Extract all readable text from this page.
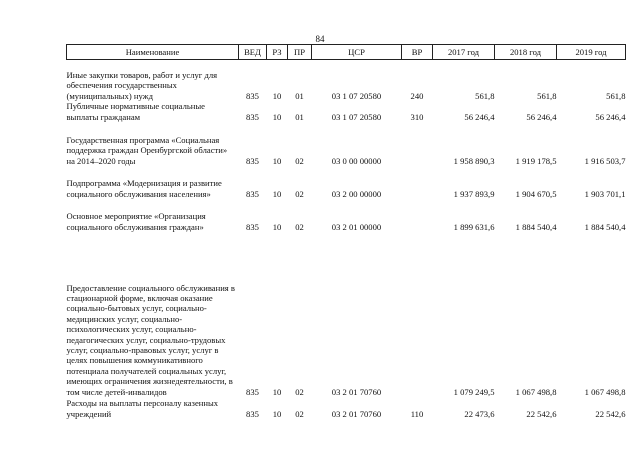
84
Наименование	ВЕД	РЗ	ПР	ЦСР	ВР	2017 год	2018 год	2019 год
Иные закупки товаров, работ и услуг для обеспечения государственных (муниципальных) нужд	835	10	01	03 1 07 20580	240	561,8	561,8	561,8
Публичные нормативные социальные выплаты гражданам	835	10	01	03 1 07 20580	310	56 246,4	56 246,4	56 246,4
Государственная программа «Социальная поддержка граждан Оренбургской области» на 2014–2020 годы	835	10	02	03 0 00 00000		1 958 890,3	1 919 178,5	1 916 503,7
Подпрограмма «Модернизация и развитие социального обслуживания населения»	835	10	02	03 2 00 00000		1 937 893,9	1 904 670,5	1 903 701,1
Основное мероприятие «Организация социального обслуживания граждан»	835	10	02	03 2 01 00000		1 899 631,6	1 884 540,4	1 884 540,4
Предоставление социального обслуживания в стационарной форме, включая оказание социально-бытовых услуг, социально-медицинских услуг, социально-психологических услуг, социально-педагогических услуг, социально-трудовых услуг, социально-правовых услуг, услуг в целях повышения коммуникативного потенциала получателей социальных услуг, имеющих ограничения жизнедеятельности, в том числе детей-инвалидов	835	10	02	03 2 01 70760		1 079 249,5	1 067 498,8	1 067 498,8
Расходы на выплаты персоналу казенных учреждений	835	10	02	03 2 01 70760	110	22 473,6	22 542,6	22 542,6
